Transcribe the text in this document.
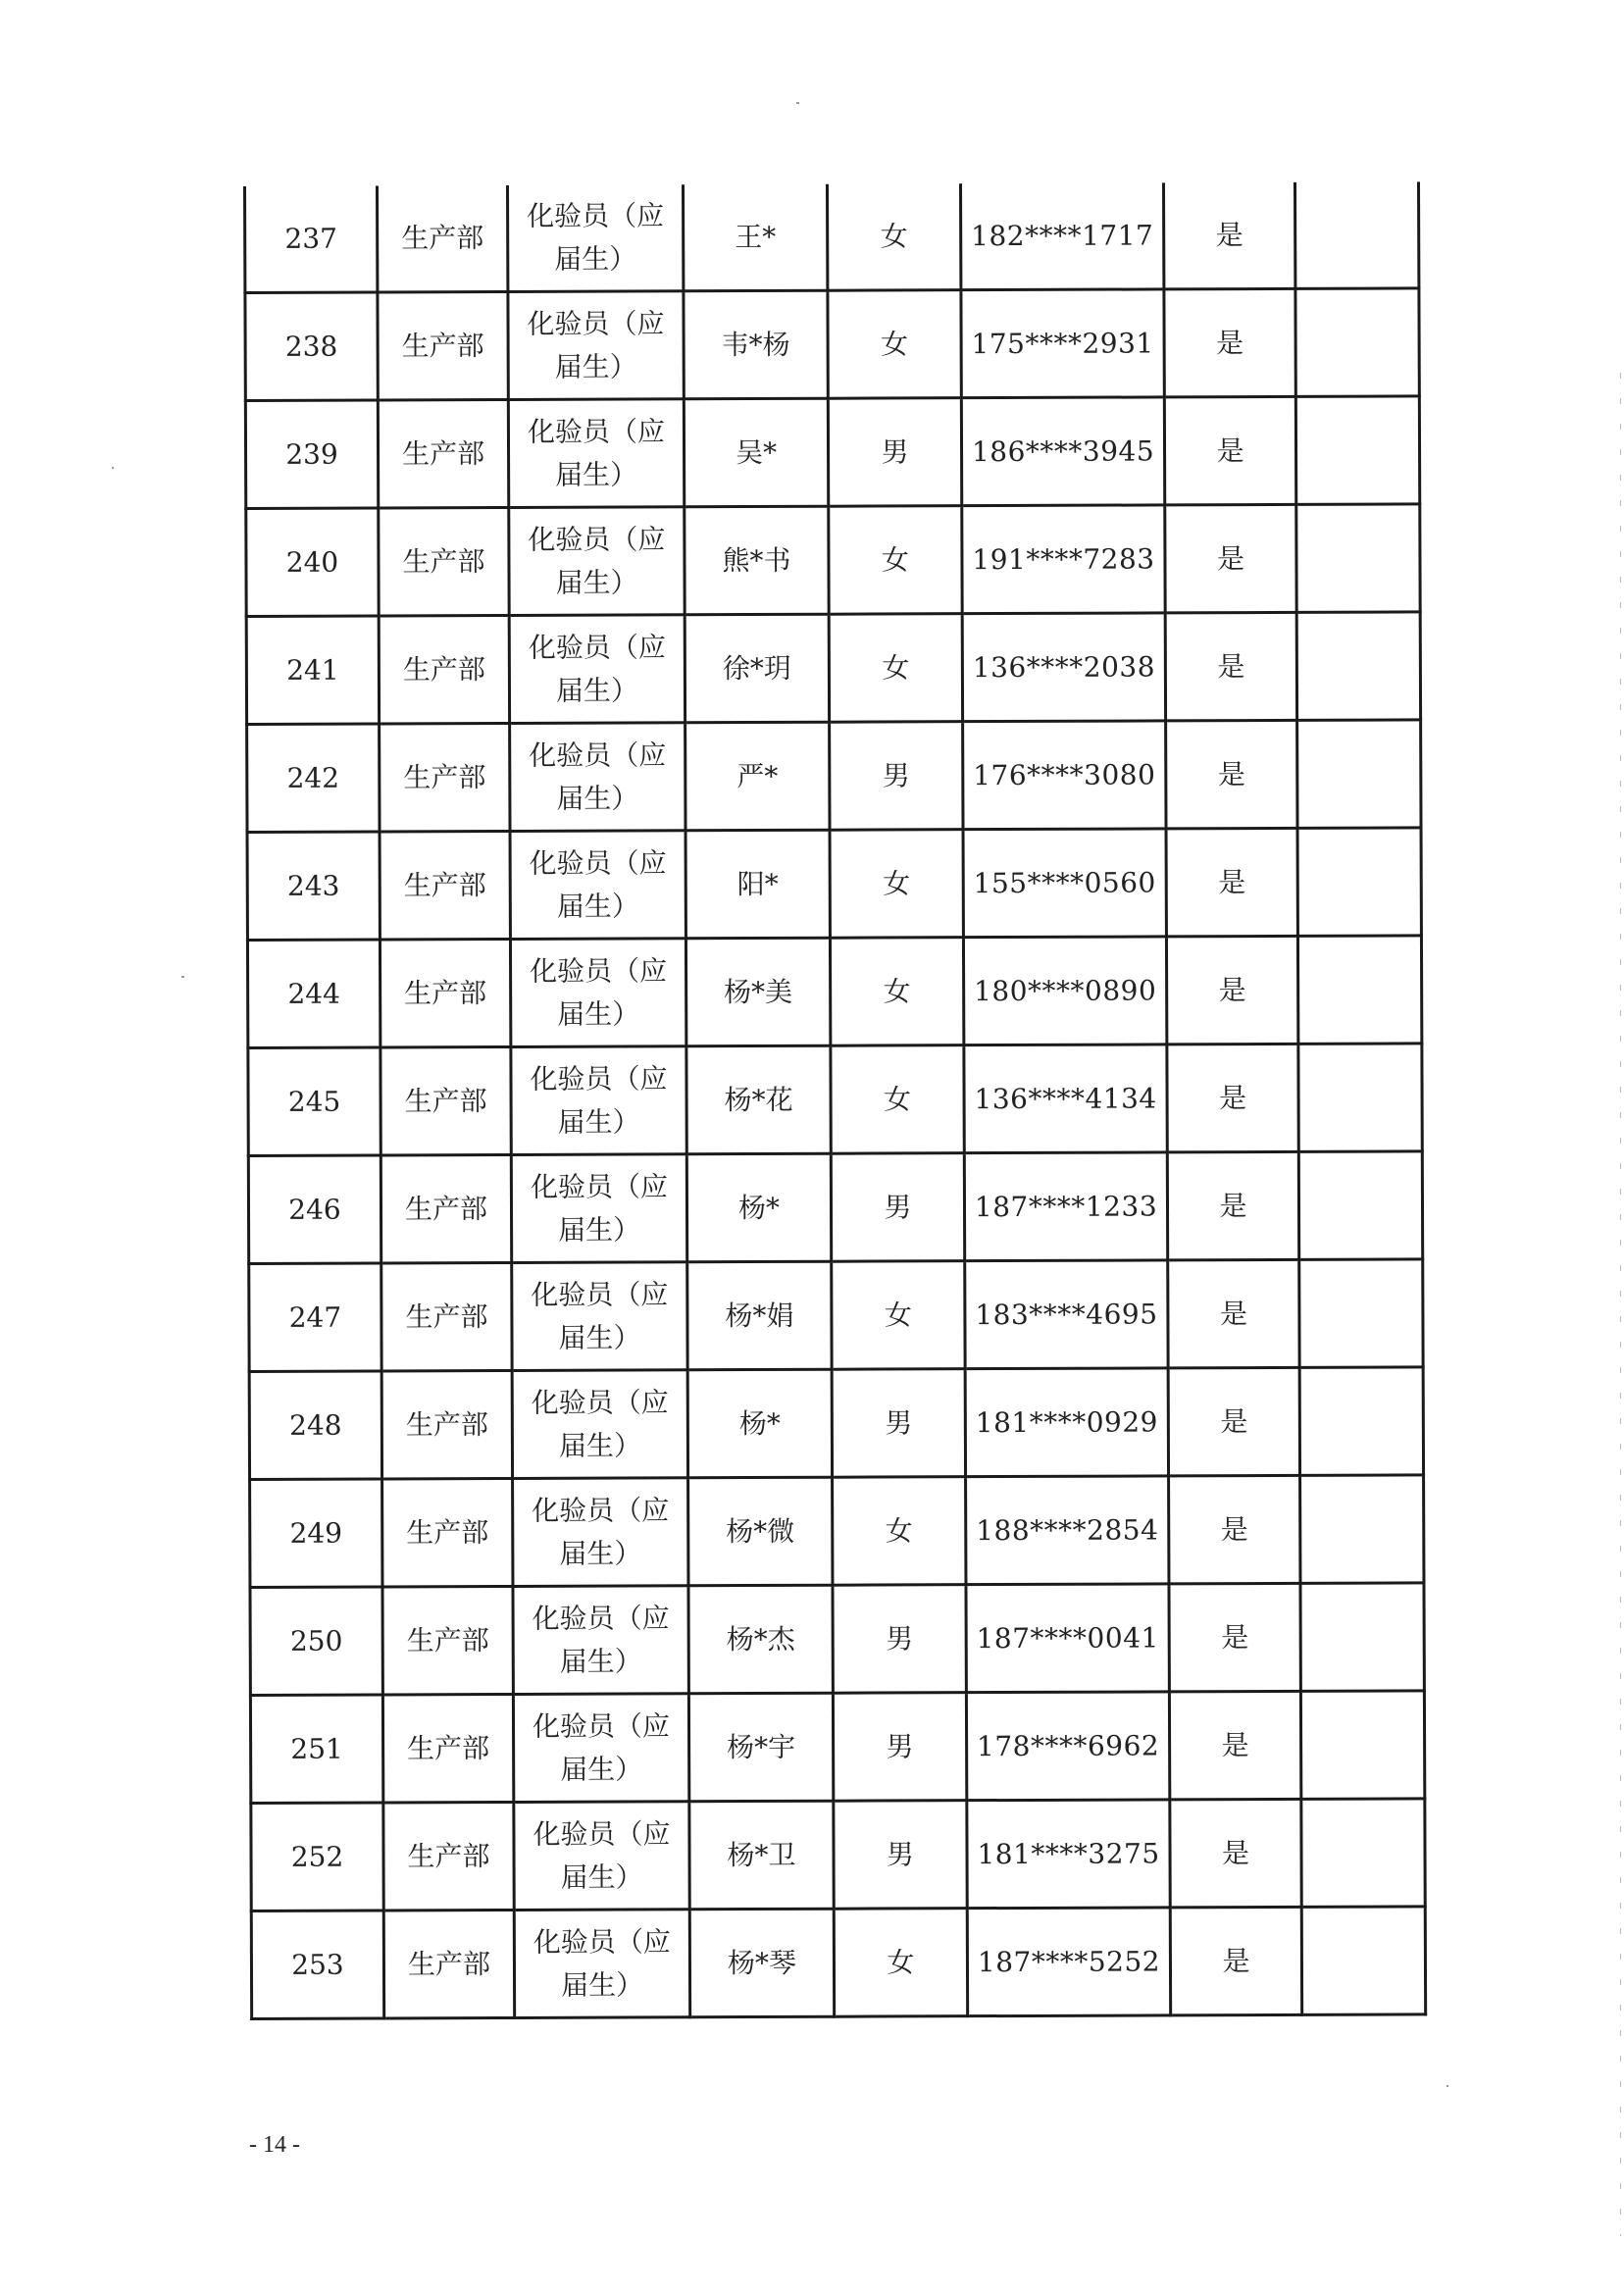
237	生产部	化验员（应届生）	王*	女	182****1717	是	
238	生产部	化验员（应届生）	韦*杨	女	175****2931	是	
239	生产部	化验员（应届生）	吴*	男	186****3945	是	
240	生产部	化验员（应届生）	熊*书	女	191****7283	是	
241	生产部	化验员（应届生）	徐*玥	女	136****2038	是	
242	生产部	化验员（应届生）	严*	男	176****3080	是	
243	生产部	化验员（应届生）	阳*	女	155****0560	是	
244	生产部	化验员（应届生）	杨*美	女	180****0890	是	
245	生产部	化验员（应届生）	杨*花	女	136****4134	是	
246	生产部	化验员（应届生）	杨*	男	187****1233	是	
247	生产部	化验员（应届生）	杨*娟	女	183****4695	是	
248	生产部	化验员（应届生）	杨*	男	181****0929	是	
249	生产部	化验员（应届生）	杨*微	女	188****2854	是	
250	生产部	化验员（应届生）	杨*杰	男	187****0041	是	
251	生产部	化验员（应届生）	杨*宇	男	178****6962	是	
252	生产部	化验员（应届生）	杨*卫	男	181****3275	是	
253	生产部	化验员（应届生）	杨*琴	女	187****5252	是	
- 14 -
